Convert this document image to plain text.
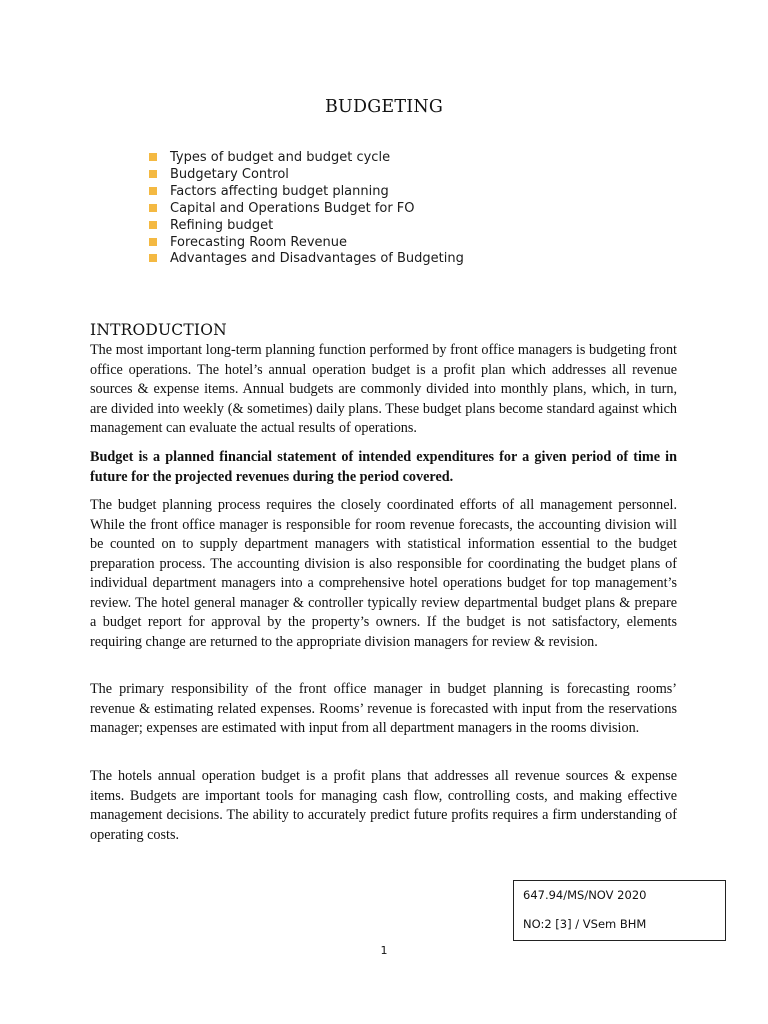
BUDGETING
Types of budget and budget cycle
Budgetary Control
Factors affecting budget planning
Capital and Operations Budget for FO
Refining budget
Forecasting Room Revenue
Advantages and Disadvantages of Budgeting
INTRODUCTION

The most important long-term planning function performed by front office managers is budgeting front office operations. The hotel’s annual operation budget is a profit plan which addresses all revenue sources & expense items. Annual budgets are commonly divided into monthly plans, which, in turn, are divided into weekly (& sometimes) daily plans. These budget plans become standard against which management can evaluate the actual results of operations.

Budget is a planned financial statement of intended expenditures for a given period of time in future for the projected revenues during the period covered.

The budget planning process requires the closely coordinated efforts of all management personnel. While the front office manager is responsible for room revenue forecasts, the accounting division will be counted on to supply department managers with statistical information essential to the budget preparation process. The accounting division is also responsible for coordinating the budget plans of individual department managers into a comprehensive hotel operations budget for top management’s review. The hotel general manager & controller typically review departmental budget plans & prepare a budget report for approval by the property’s owners. If the budget is not satisfactory, elements requiring change are returned to the appropriate division managers for review & revision.

The primary responsibility of the front office manager in budget planning is forecasting rooms’ revenue & estimating related expenses. Rooms’ revenue is forecasted with input from the reservations manager; expenses are estimated with input from all department managers in the rooms division.

The hotels annual operation budget is a profit plans that addresses all revenue sources & expense items. Budgets are important tools for managing cash flow, controlling costs, and making effective management decisions. The ability to accurately predict future profits requires a firm understanding of operating costs.

647.94/MS/NOV 2020
NO:2 [3] / VSem BHM
1
